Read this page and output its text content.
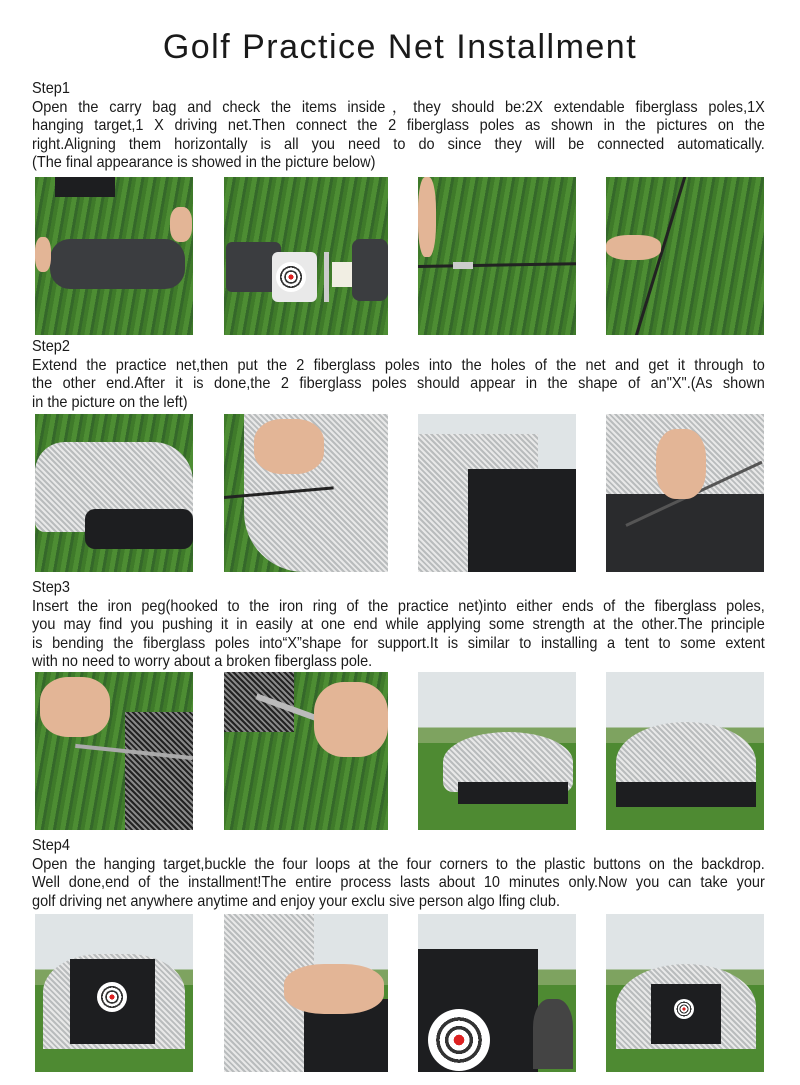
Golf Practice Net Installment
Step1
Open the carry bag and check the items inside，they should be:2X extendable fiberglass poles,1X
hanging target,1 X driving net.Then connect the 2 fiberglass poles as shown in the pictures on the
right.Aligning them horizontally is all you need to do since they will be connected automatically.
(The final appearance is showed in the picture below)
Step2
Extend the practice net,then put the 2 fiberglass poles into the holes of the net and get it through to
the other end.After it is done,the 2 fiberglass poles should appear in the shape of an"X".(As shown
in the picture on the left)
Step3
Insert the iron peg(hooked to the iron ring of the practice net)into either ends of the fiberglass poles,
you may find you pushing it in easily at one end while applying some strength at the other.The principle
is bending the fiberglass poles into“X”shape for support.It is similar to installing a tent to some extent
with no need to worry about a broken fiberglass pole.
Step4
Open the hanging target,buckle the four loops at the four corners to the plastic buttons on the backdrop.
Well done,end of the installment!The entire process lasts about 10 minutes only.Now you can take your
golf driving net anywhere anytime and enjoy your exclu sive person algo lfing club.
